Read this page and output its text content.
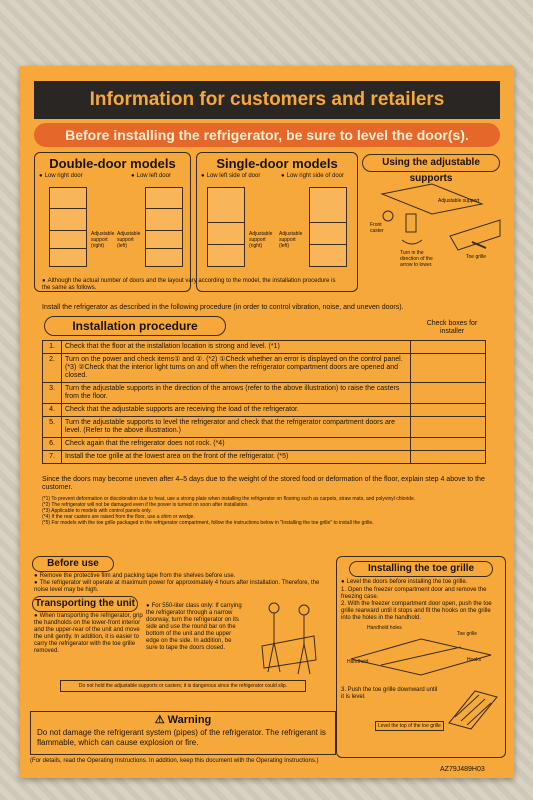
Information for customers and retailers
Before installing the refrigerator, be sure to level the door(s).
Double-door models
● Low right door	● Low left door
Adjustable support (right)
Adjustable support (left)
Single-door models
● Low left side of door	● Low right side of door
Adjustable support (right)
Adjustable support (left)
Using the adjustable supports
Adjustable support
Front caster
Turn in the direction of the arrow to lower.
Toe grille
● Although the actual number of doors and the layout vary according to the model, the installation procedure is the same as follows.
Install the refrigerator as described in the following procedure (in order to control vibration, noise, and uneven doors).
Installation procedure	Check boxes for installer
1.	Check that the floor at the installation location is strong and level. (*1)	
2.	Turn on the power and check items① and ②. (*2) ①Check whether an error is displayed on the control panel. (*3) ②Check that the interior light turns on and off when the refrigerator compartment doors are opened and closed.	
3.	Turn the adjustable supports in the direction of the arrows (refer to the above illustration) to raise the casters from the floor.	
4.	Check that the adjustable supports are receiving the load of the refrigerator.	
5.	Turn the adjustable supports to level the refrigerator and check that the refrigerator compartment doors are level. (Refer to the above illustration.)	
6.	Check again that the refrigerator does not rock. (*4)	
7.	Install the toe grille at the lowest area on the front of the refrigerator. (*5)	
Since the doors may become uneven after 4–5 days due to the weight of the stored food or deformation of the floor, explain step 4 above to the customer.
(*1) To prevent deformation or discoloration due to heat, use a strong plate when installing the refrigerator on flooring such as carpets, straw mats, and polyvinyl chloride.
(*2) The refrigerator will not be damaged even if the power is turned on soon after installation.
(*3) Applicable to models with control panels only.
(*4) If the rear casters are raised from the floor, use a shim or wedge.
(*5) For models with the toe grille packaged in the refrigerator compartment, follow the instructions below in "Installing the toe grille" to install the grille.
Before use
● Remove the protective film and packing tape from the shelves before use.
● The refrigerator will operate at maximum power for approximately 4 hours after installation. Therefore, the noise level may be high.
Transporting the unit
● When transporting the refrigerator, grip the handholds on the lower-front interior and the upper-rear of the unit and move the unit gently. In addition, it is easier to carry the refrigerator with the toe grille removed.
● For 550-liter class only: If carrying the refrigerator through a narrow doorway, turn the refrigerator on its side and use the round bar on the bottom of the unit and the upper edge on the side. In addition, be sure to tape the doors closed.
Do not hold the adjustable supports or casters; it is dangerous since the refrigerator could slip.
Installing the toe grille
● Level the doors before installing the toe grille.
1. Open the freezer compartment door and remove the freezing case.
2. With the freezer compartment door open, push the toe grille rearward until it stops and fit the hooks on the grille into the holes in the handhold.
Handhold holes
Toe grille
Handhold	Hooks
3. Push the toe grille downward until it is level.
Level the top of the toe grille
⚠ Warning
Do not damage the refrigerant system (pipes) of the refrigerator. The refrigerant is flammable, which can cause explosion or fire.
(For details, read the Operating Instructions. In addition, keep this document with the Operating Instructions.)
AZ79J489H03
